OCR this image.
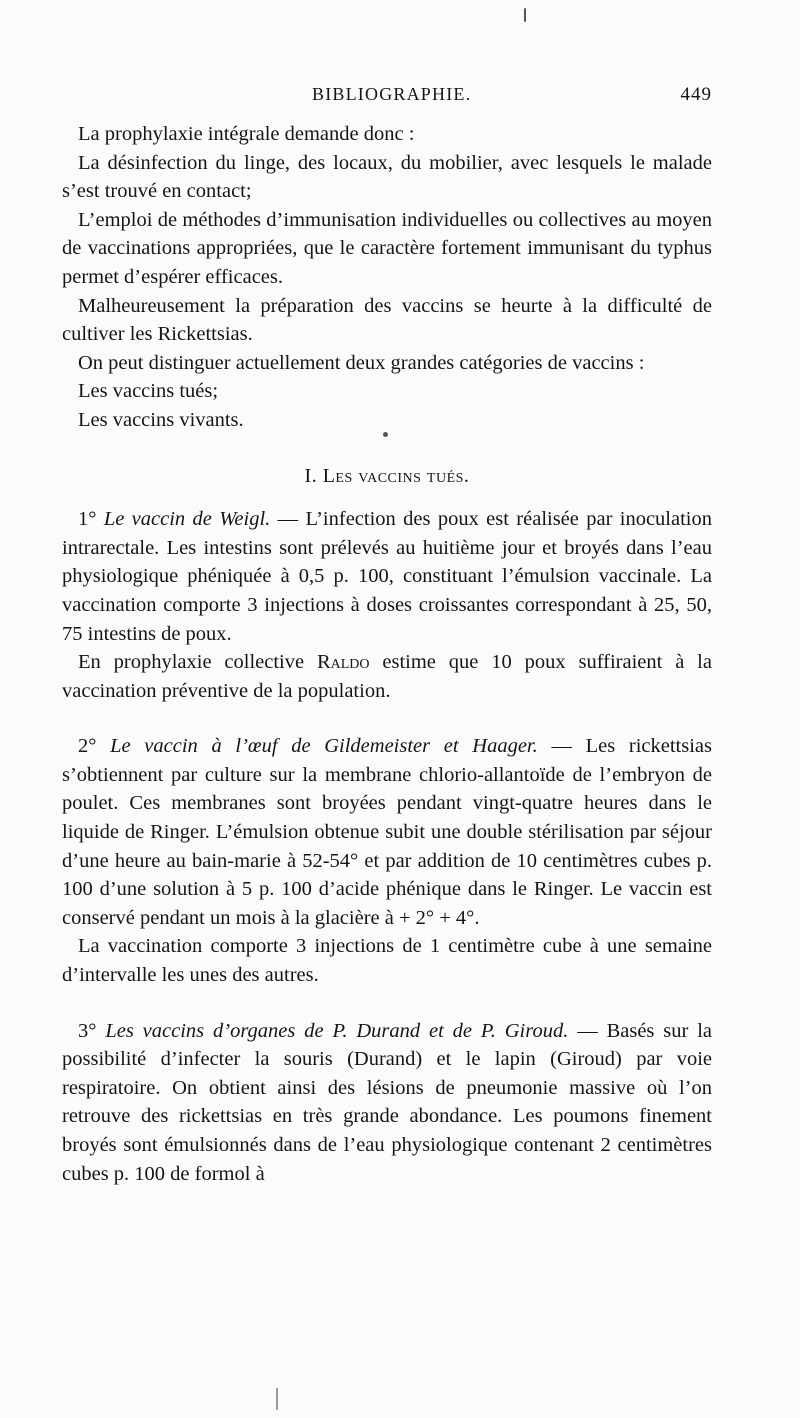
BIBLIOGRAPHIE.	449

La prophylaxie intégrale demande donc :

La désinfection du linge, des locaux, du mobilier, avec lesquels le malade s’est trouvé en contact;

L’emploi de méthodes d’immunisation individuelles ou collectives au moyen de vaccinations appropriées, que le caractère fortement immunisant du typhus permet d’espérer efficaces.

Malheureusement la préparation des vaccins se heurte à la difficulté de cultiver les Rickettsias.

On peut distinguer actuellement deux grandes catégories de vaccins :

Les vaccins tués;

Les vaccins vivants.

I. Les vaccins tués.

1° Le vaccin de Weigl. — L’infection des poux est réalisée par inoculation intrarectale. Les intestins sont prélevés au huitième jour et broyés dans l’eau physiologique phéniquée à 0,5 p. 100, constituant l’émulsion vaccinale. La vaccination comporte 3 injections à doses croissantes correspondant à 25, 50, 75 intestins de poux.

En prophylaxie collective Raldo estime que 10 poux suffiraient à la vaccination préventive de la population.

2° Le vaccin à l’œuf de Gildemeister et Haager. — Les rickettsias s’obtiennent par culture sur la membrane chlorio-allantoïde de l’embryon de poulet. Ces membranes sont broyées pendant vingt-quatre heures dans le liquide de Ringer. L’émulsion obtenue subit une double stérilisation par séjour d’une heure au bain-marie à 52-54° et par addition de 10 centimètres cubes p. 100 d’une solution à 5 p. 100 d’acide phénique dans le Ringer. Le vaccin est conservé pendant un mois à la glacière à + 2° + 4°.

La vaccination comporte 3 injections de 1 centimètre cube à une semaine d’intervalle les unes des autres.

3° Les vaccins d’organes de P. Durand et de P. Giroud. — Basés sur la possibilité d’infecter la souris (Durand) et le lapin (Giroud) par voie respiratoire. On obtient ainsi des lésions de pneumonie massive où l’on retrouve des rickettsias en très grande abondance. Les poumons finement broyés sont émulsionnés dans de l’eau physiologique contenant 2 centimètres cubes p. 100 de formol à
